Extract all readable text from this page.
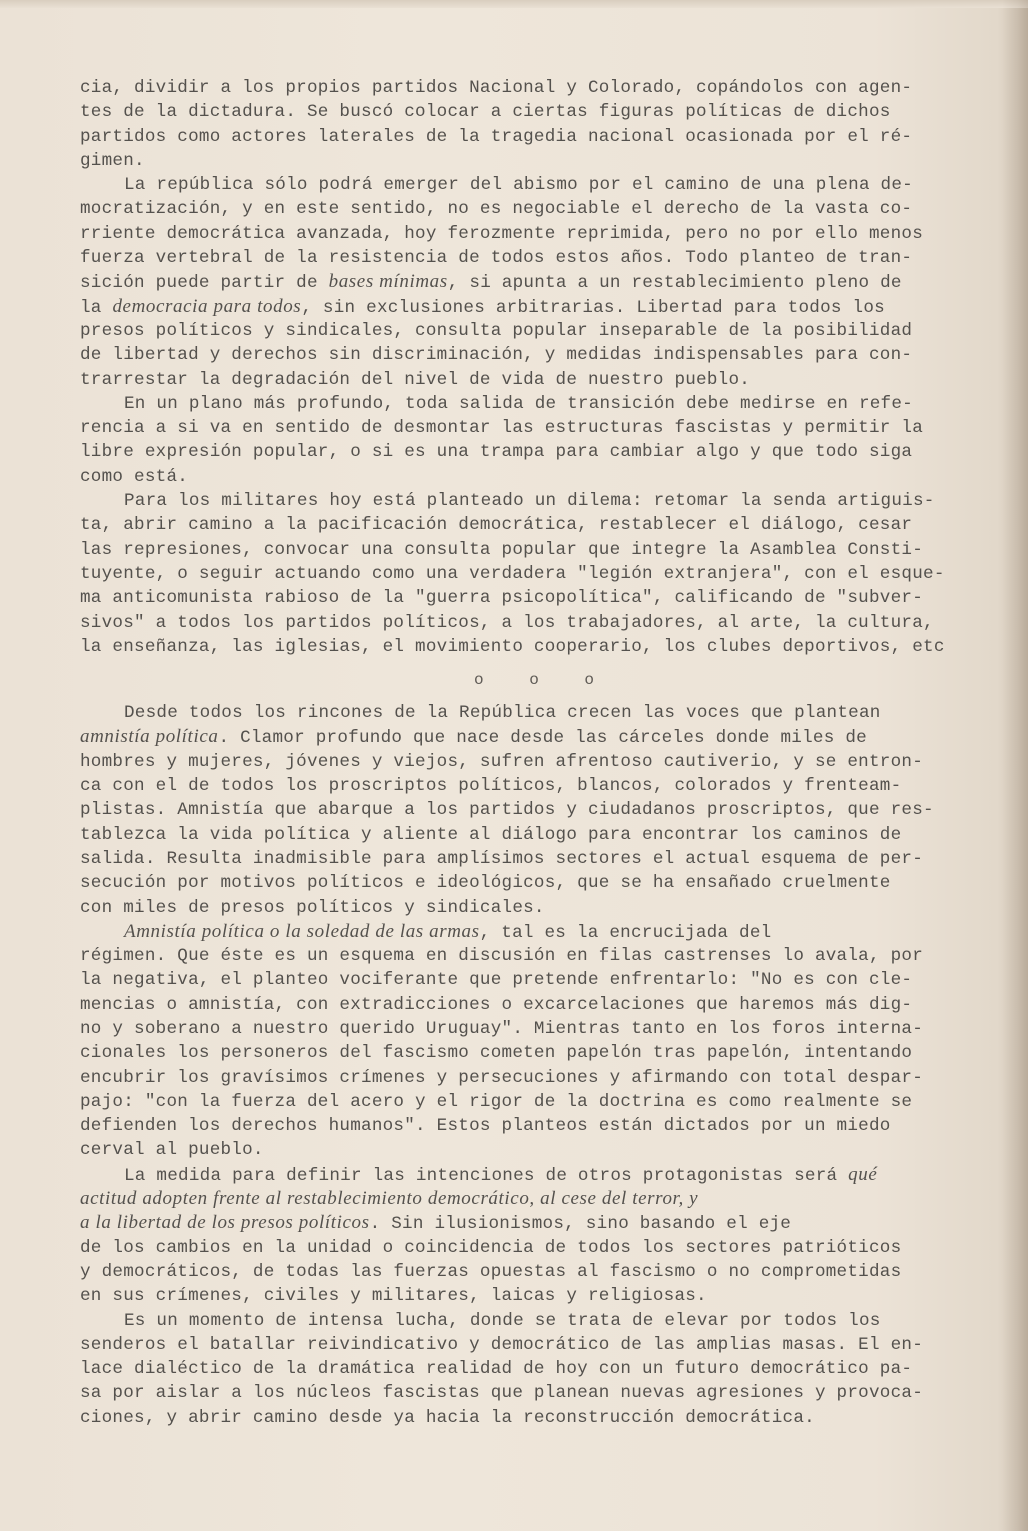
cia, dividir a los propios partidos Nacional y Colorado, copándolos con agen-
tes de la dictadura. Se buscó colocar a ciertas figuras políticas de dichos
partidos como actores laterales de la tragedia nacional ocasionada por el ré-
gimen.
La república sólo podrá emerger del abismo por el camino de una plena de-
mocratización, y en este sentido, no es negociable el derecho de la vasta co-
rriente democrática avanzada, hoy ferozmente reprimida, pero no por ello menos
fuerza vertebral de la resistencia de todos estos años. Todo planteo de tran-
sición puede partir de bases mínimas, si apunta a un restablecimiento pleno de
la democracia para todos, sin exclusiones arbitrarias. Libertad para todos los
presos políticos y sindicales, consulta popular inseparable de la posibilidad
de libertad y derechos sin discriminación, y medidas indispensables para con-
trarrestar la degradación del nivel de vida de nuestro pueblo.
En un plano más profundo, toda salida de transición debe medirse en refe-
rencia a si va en sentido de desmontar las estructuras fascistas y permitir la
libre expresión popular, o si es una trampa para cambiar algo y que todo siga
como está.
Para los militares hoy está planteado un dilema: retomar la senda artiguis-
ta, abrir camino a la pacificación democrática, restablecer el diálogo, cesar
las represiones, convocar una consulta popular que integre la Asamblea Consti-
tuyente, o seguir actuando como una verdadera "legión extranjera", con el esque-
ma anticomunista rabioso de la "guerra psicopolítica", calificando de "subver-
sivos" a todos los partidos políticos, a los trabajadores, al arte, la cultura,
la enseñanza, las iglesias, el movimiento cooperario, los clubes deportivos, etc
o o o
Desde todos los rincones de la República crecen las voces que plantean
amnistía política. Clamor profundo que nace desde las cárceles donde miles de
hombres y mujeres, jóvenes y viejos, sufren afrentoso cautiverio, y se entron-
ca con el de todos los proscriptos políticos, blancos, colorados y frenteam-
plistas. Amnistía que abarque a los partidos y ciudadanos proscriptos, que res-
tablezca la vida política y aliente al diálogo para encontrar los caminos de
salida. Resulta inadmisible para amplísimos sectores el actual esquema de per-
secución por motivos políticos e ideológicos, que se ha ensañado cruelmente
con miles de presos políticos y sindicales.
Amnistía política o la soledad de las armas, tal es la encrucijada del
régimen. Que éste es un esquema en discusión en filas castrenses lo avala, por
la negativa, el planteo vociferante que pretende enfrentarlo: "No es con cle-
mencias o amnistía, con extradicciones o excarcelaciones que haremos más dig-
no y soberano a nuestro querido Uruguay". Mientras tanto en los foros interna-
cionales los personeros del fascismo cometen papelón tras papelón, intentando
encubrir los gravísimos crímenes y persecuciones y afirmando con total despar-
pajo: "con la fuerza del acero y el rigor de la doctrina es como realmente se
defienden los derechos humanos". Estos planteos están dictados por un miedo
cerval al pueblo.
La medida para definir las intenciones de otros protagonistas será qué
actitud adopten frente al restablecimiento democrático, al cese del terror, y
a la libertad de los presos políticos. Sin ilusionismos, sino basando el eje
de los cambios en la unidad o coincidencia de todos los sectores patrióticos
y democráticos, de todas las fuerzas opuestas al fascismo o no comprometidas
en sus crímenes, civiles y militares, laicas y religiosas.
Es un momento de intensa lucha, donde se trata de elevar por todos los
senderos el batallar reivindicativo y democrático de las amplias masas. El en-
lace dialéctico de la dramática realidad de hoy con un futuro democrático pa-
sa por aislar a los núcleos fascistas que planean nuevas agresiones y provoca-
ciones, y abrir camino desde ya hacia la reconstrucción democrática.
